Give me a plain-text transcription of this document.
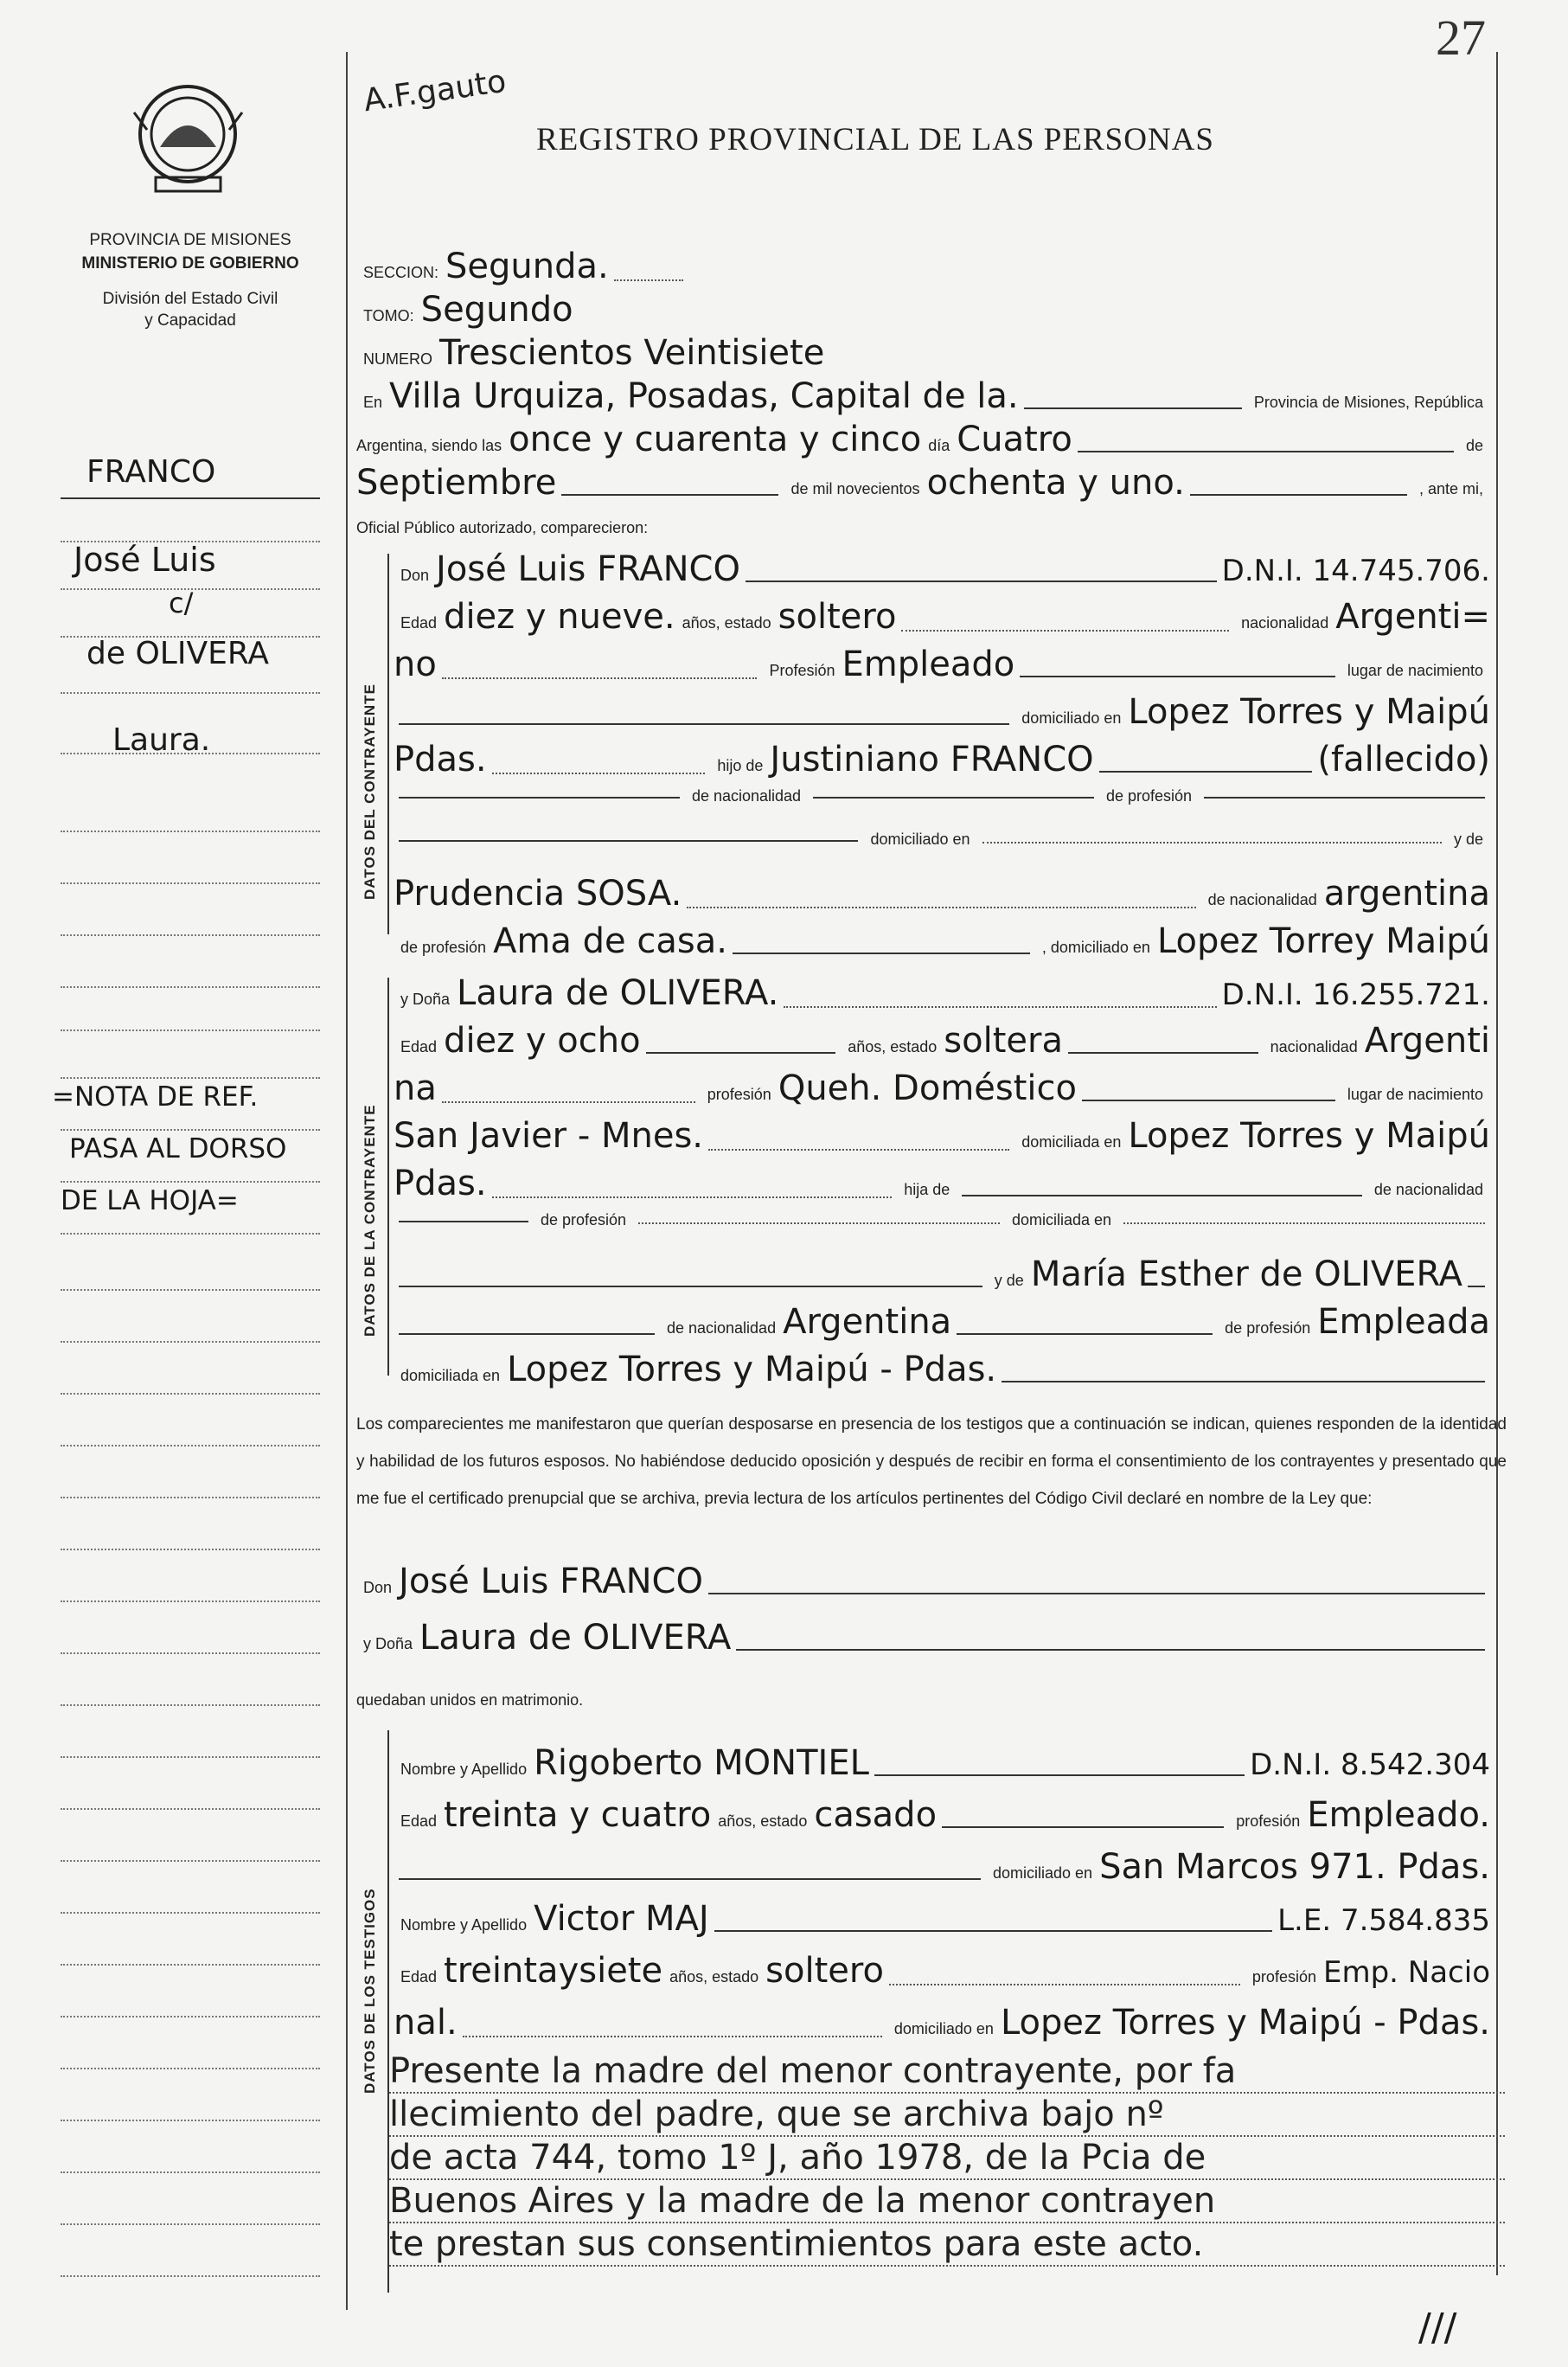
27
PROVINCIA DE MISIONES
MINISTERIO DE GOBIERNO
División del Estado Civil
y Capacidad
A.F.gauto
REGISTRO PROVINCIAL DE LAS PERSONAS
FRANCO
José Luis
c/
de OLIVERA
Laura.
=NOTA DE REF.
PASA AL DORSO
DE LA HOJA=
SECCION: Segunda.
TOMO: Segundo
NUMERO Trescientos Veintisiete
En Villa Urquiza, Posadas, Capital de la.	Provincia de Misiones, República
Argentina, siendo las once y cuarenta y cinco día Cuatro	de
Septiembre	de mil novecientos ochenta y uno.	, ante mi,
Oficial Público autorizado, comparecieron:
DATOS DEL CONTRAYENTE
Don José Luis FRANCO	D.N.I. 14.745.706.
Edad diez y nueve. años, estado soltero	nacionalidad Argenti=
no	Profesión Empleado	lugar de nacimiento
domiciliado en Lopez Torres y Maipú
Pdas.	hijo de Justiniano FRANCO	(fallecido)
de nacionalidad	de profesión
domiciliado en	y de
Prudencia SOSA.	de nacionalidad argentina
de profesión Ama de casa.	, domiciliado en Lopez Torrey Maipú
DATOS DE LA CONTRAYENTE
y Doña Laura de OLIVERA.	D.N.I. 16.255.721.
Edad diez y ocho	años, estado soltera	nacionalidad Argenti
na	profesión Queh. Doméstico	lugar de nacimiento
San Javier - Mnes.	domiciliada en Lopez Torres y Maipú
Pdas.	hija de	de nacionalidad
de profesión	domiciliada en
y de María Esther de OLIVERA
de nacionalidad Argentina	de profesión Empleada
domiciliada en Lopez Torres y Maipú - Pdas.
Los comparecientes me manifestaron que querían desposarse en presencia de los testigos que a continuación se indican, quienes responden de la identidad y habilidad de los futuros esposos. No habiéndose deducido oposición y después de recibir en forma el consentimiento de los contrayentes y presentado que me fue el certificado prenupcial que se archiva, previa lectura de los artículos pertinentes del Código Civil declaré en nombre de la Ley que:
Don José Luis FRANCO
y Doña Laura de OLIVERA
quedaban unidos en matrimonio.
DATOS DE LOS TESTIGOS
Nombre y Apellido Rigoberto MONTIEL	D.N.I. 8.542.304
Edad treinta y cuatro años, estado casado	profesión Empleado.
domiciliado en San Marcos 971. Pdas.
Nombre y Apellido Victor MAJ	L.E. 7.584.835
Edad treintaysiete años, estado soltero	profesión Emp. Nacio
nal.	domiciliado en Lopez Torres y Maipú - Pdas.
Presente la madre del menor contrayente, por fa
llecimiento del padre, que se archiva bajo nº
de acta 744, tomo 1º J, año 1978, de la Pcia de
Buenos Aires y la madre de la menor contrayen
te prestan sus consentimientos para este acto.
///
